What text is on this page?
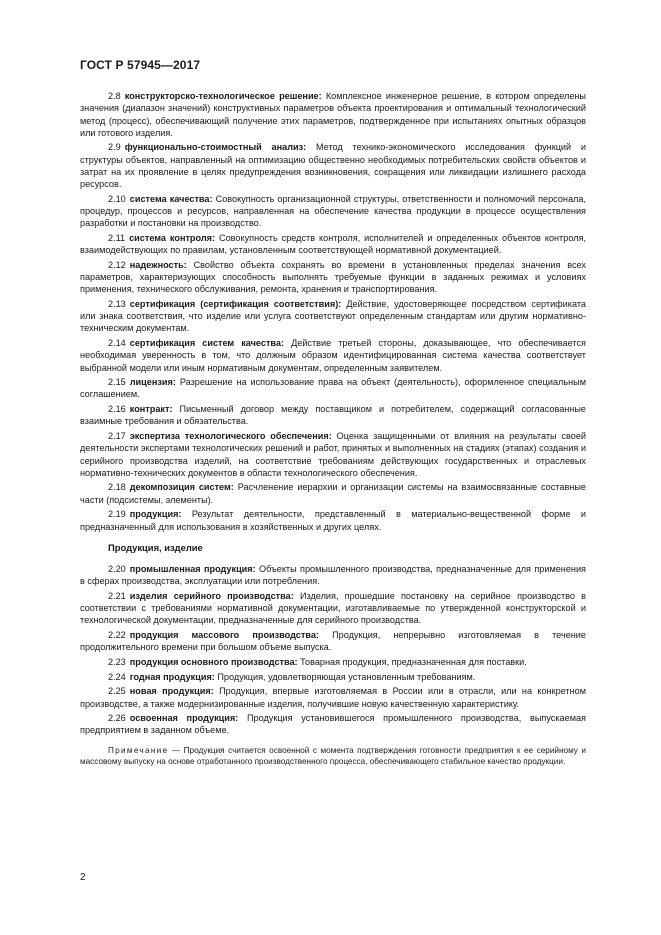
ГОСТ Р 57945—2017

2.8 конструкторско-технологическое решение: Комплексное инженерное решение, в котором определены значения (диапазон значений) конструктивных параметров объекта проектирования и оптимальный технологический метод (процесс), обеспечивающий получение этих параметров, подтвержденное при испытаниях опытных образцов или готового изделия.

2.9 функционально-стоимостный анализ: Метод технико-экономического исследования функций и структуры объектов, направленный на оптимизацию общественно необходимых потребительских свойств объектов и затрат на их проявление в целях предупреждения возникновения, сокращения или ликвидации излишнего расхода ресурсов.

2.10 система качества: Совокупность организационной структуры, ответственности и полномочий персонала, процедур, процессов и ресурсов, направленная на обеспечение качества продукции в процессе осуществления разработки и постановки на производство.

2.11 система контроля: Совокупность средств контроля, исполнителей и определенных объектов контроля, взаимодействующих по правилам, установленным соответствующей нормативной документацией.

2.12 надежность: Свойство объекта сохранять во времени в установленных пределах значения всех параметров, характеризующих способность выполнять требуемые функции в заданных режимах и условиях применения, технического обслуживания, ремонта, хранения и транспортирования.

2.13 сертификация (сертификация соответствия): Действие, удостоверяющее посредством сертификата или знака соответствия, что изделие или услуга соответствуют определенным стандартам или другим нормативно-техническим документам.

2.14 сертификация систем качества: Действие третьей стороны, доказывающее, что обеспечивается необходимая уверенность в том, что должным образом идентифицированная система качества соответствует выбранной модели или иным нормативным документам, определенным заявителем.

2.15 лицензия: Разрешение на использование права на объект (деятельность), оформленное специальным соглашением.

2.16 контракт: Письменный договор между поставщиком и потребителем, содержащий согласованные взаимные требования и обязательства.

2.17 экспертиза технологического обеспечения: Оценка защищенными от влияния на результаты своей деятельности экспертами технологических решений и работ, принятых и выполненных на стадиях (этапах) создания и серийного производства изделий, на соответствие требованиям действующих государственных и отраслевых нормативно-технических документов в области технологического обеспечения.

2.18 декомпозиция систем: Расчленение иерархии и организации системы на взаимосвязанные составные части (подсистемы, элементы).

2.19 продукция: Результат деятельности, представленный в материально-вещественной форме и предназначенный для использования в хозяйственных и других целях.

Продукция, изделие

2.20 промышленная продукция: Объекты промышленного производства, предназначенные для применения в сферах производства, эксплуатации или потребления.

2.21 изделия серийного производства: Изделия, прошедшие постановку на серийное производство в соответствии с требованиями нормативной документации, изготавливаемые по утвержденной конструкторской и технологической документации, предназначенные для серийного производства.

2.22 продукция массового производства: Продукция, непрерывно изготовляемая в течение продолжительного времени при большом объеме выпуска.

2.23 продукция основного производства: Товарная продукция, предназначенная для поставки.

2.24 годная продукция: Продукция, удовлетворяющая установленным требованиям.

2.25 новая продукция: Продукция, впервые изготовляемая в России или в отрасли, или на конкретном производстве, а также модернизированные изделия, получившие новую качественную характеристику.

2.26 освоенная продукция: Продукция установившегося промышленного производства, выпускаемая предприятием в заданном объеме.

Примечание — Продукция считается освоенной с момента подтверждения готовности предприятия к ее серийному и массовому выпуску на основе отработанного производственного процесса, обеспечивающего стабильное качество продукции.

2
